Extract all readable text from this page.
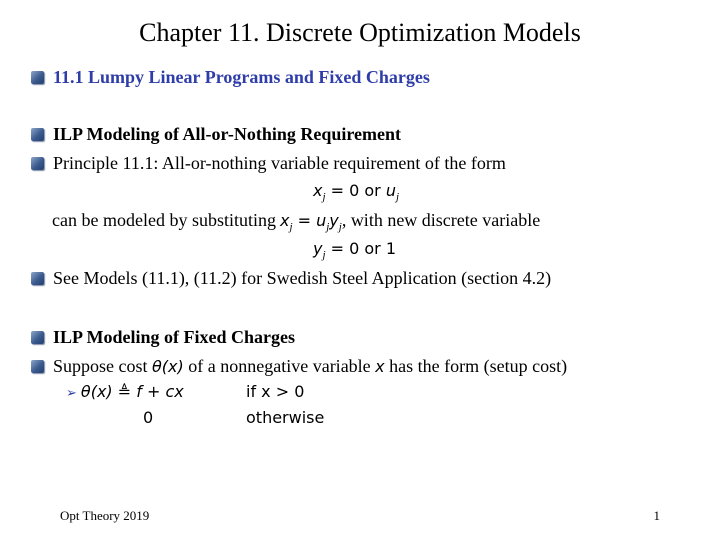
Chapter 11. Discrete Optimization Models
11.1 Lumpy Linear Programs and Fixed Charges
ILP Modeling of All-or-Nothing Requirement
Principle 11.1: All-or-nothing variable requirement of the form
$x_j = 0$ or $u_j$
can be modeled by substituting $x_j = u_jy_j$, with new discrete variable
$y_j = 0$ or 1
See Models (11.1), (11.2) for Swedish Steel Application (section 4.2)
ILP Modeling of Fixed Charges
Suppose cost θ(x) of a nonnegative variable x has the form (setup cost)
➢ θ(x) ≜ f + cx	if x > 0
0	otherwise
Opt Theory 2019	1
